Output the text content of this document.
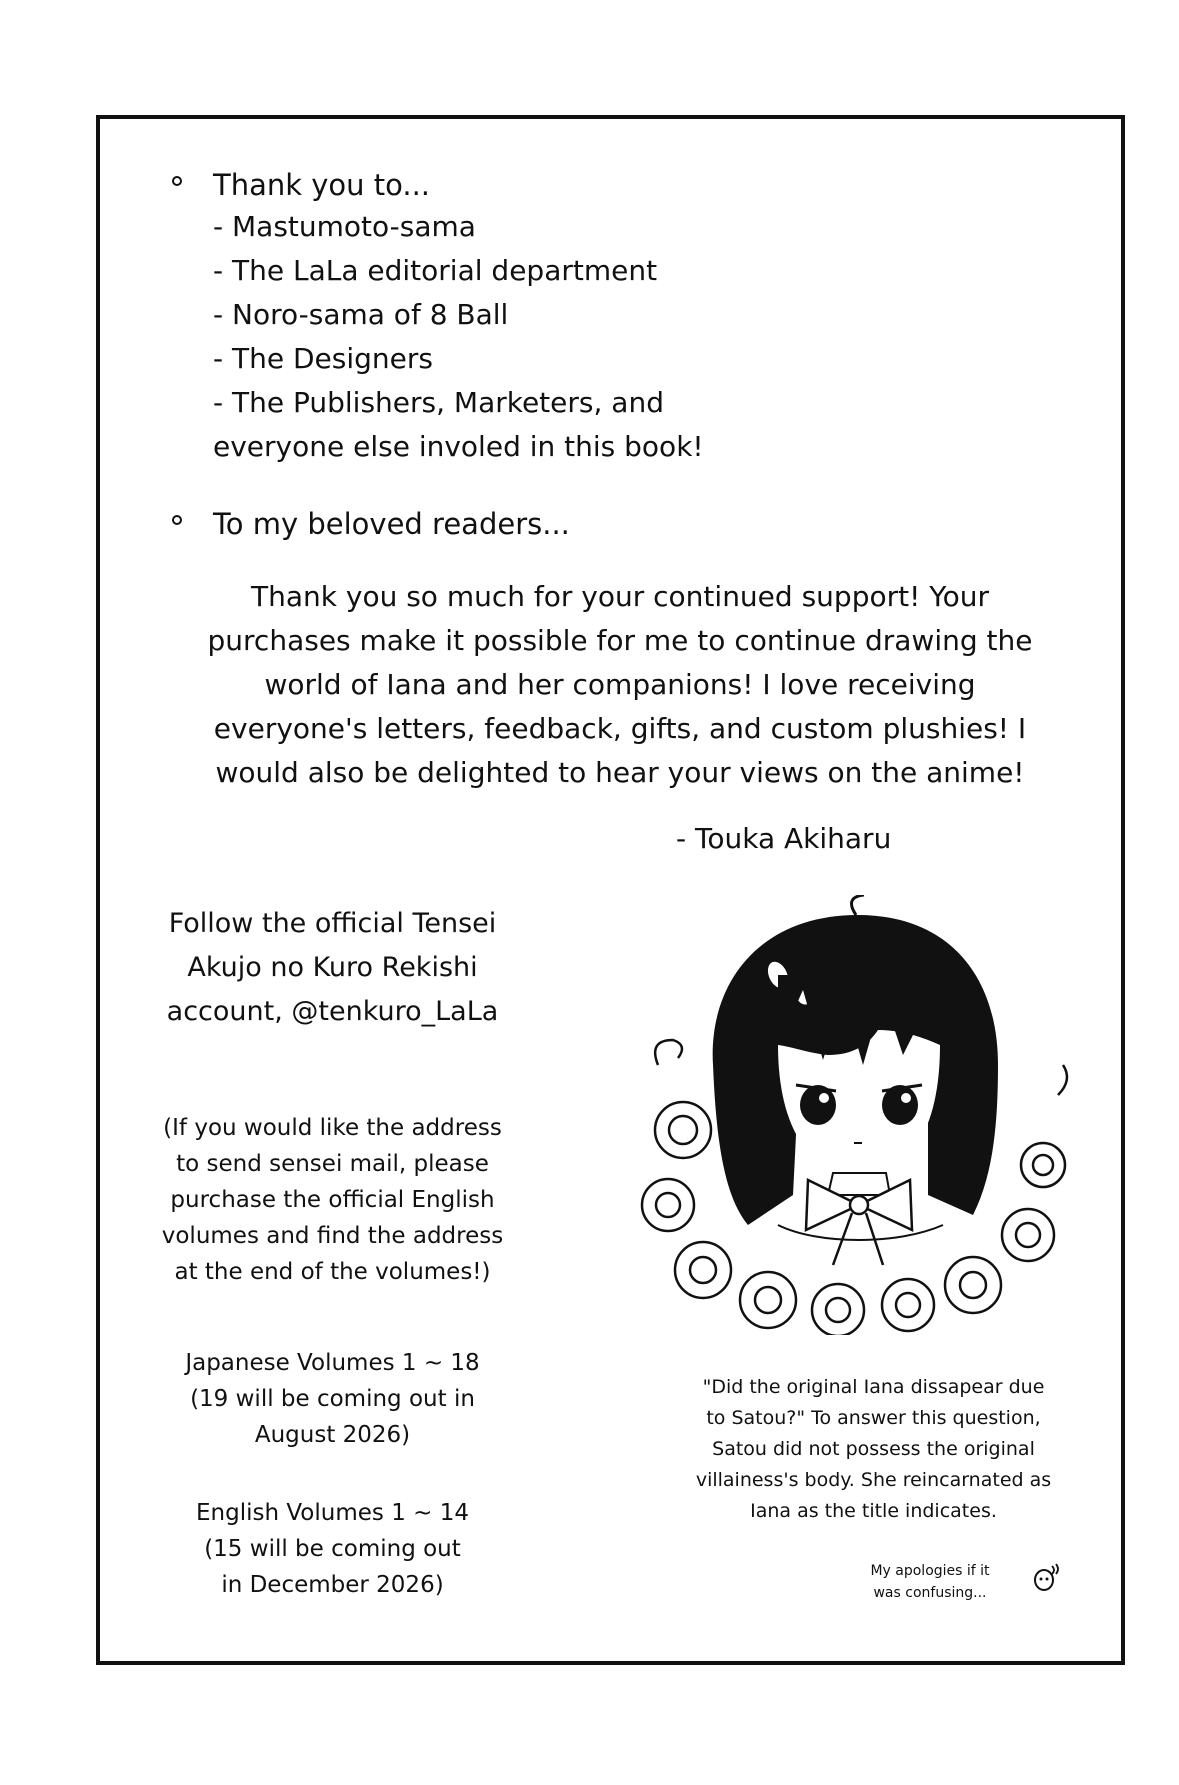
Thank you to...
- Mastumoto-sama
- The LaLa editorial department
- Noro-sama of 8 Ball
- The Designers
- The Publishers, Marketers, and
everyone else involed in this book!
To my beloved readers...
Thank you so much for your continued support! Your
purchases make it possible for me to continue drawing the
world of Iana and her companions! I love receiving
everyone's letters, feedback, gifts, and custom plushies! I
would also be delighted to hear your views on the anime!
- Touka Akiharu
Follow the official Tensei
Akujo no Kuro Rekishi
account, @tenkuro_LaLa
(If you would like the address
to send sensei mail, please
purchase the official English
volumes and find the address
at the end of the volumes!)
Japanese Volumes 1 ~ 18
(19 will be coming out in
August 2026)
English Volumes 1 ~ 14
(15 will be coming out
in December 2026)
"Did the original Iana dissapear due
to Satou?" To answer this question,
Satou did not possess the original
villainess's body. She reincarnated as
Iana as the title indicates.
My apologies if it
was confusing...
